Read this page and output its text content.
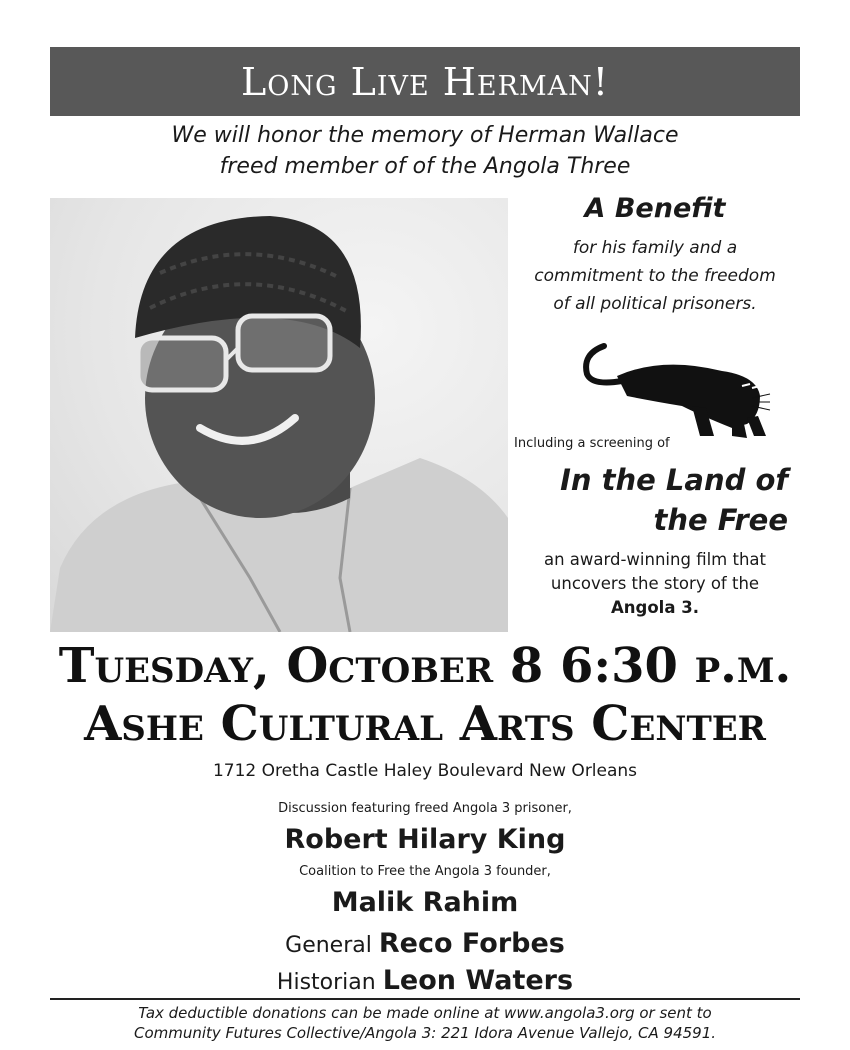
Long Live Herman!
We will honor the memory of Herman Wallace
freed member of of the Angola Three
A Benefit
for his family and a
commitment to the freedom
of all political prisoners.
Including a screening of
In the Land of
the Free
an award-winning film that
uncovers the story of the
Angola 3.
Tuesday, October 8 6:30 p.m.
Ashe Cultural Arts Center
1712 Oretha Castle Haley Boulevard New Orleans
Discussion featuring freed Angola 3 prisoner,
Robert Hilary King
Coalition to Free the Angola 3 founder,
Malik Rahim
General Reco Forbes
Historian Leon Waters
Tax deductible donations can be made online at www.angola3.org or sent to
Community Futures Collective/Angola 3: 221 Idora Avenue Vallejo, CA 94591.
